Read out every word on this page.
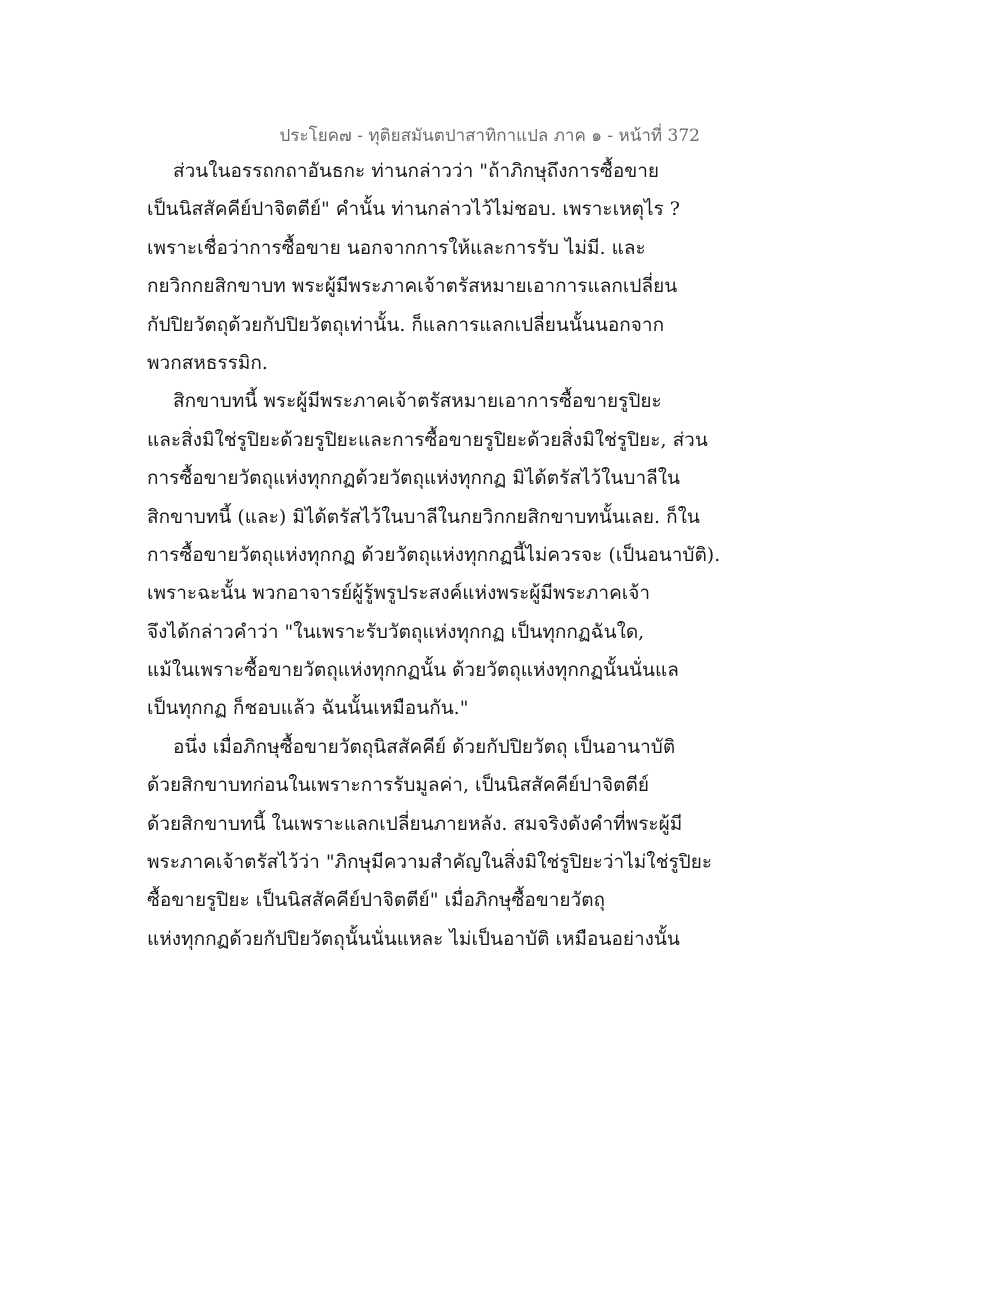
ประโยค๗ - ทุติยสมันตปาสาทิกาแปล ภาค ๑ - หน้าที่ 372
ส่วนในอรรถกถาอันธกะ ท่านกล่าวว่า "ถ้าภิกษุถึงการซื้อขาย
เป็นนิสสัคคีย์ปาจิตตีย์" คำนั้น ท่านกล่าวไว้ไม่ชอบ. เพราะเหตุไร ?
เพราะเชื่อว่าการซื้อขาย นอกจากการให้และการรับ ไม่มี. และ
กยวิกกยสิกขาบท พระผู้มีพระภาคเจ้าตรัสหมายเอาการแลกเปลี่ยน
กัปปิยวัตถุด้วยกัปปิยวัตถุเท่านั้น. ก็แลการแลกเปลี่ยนนั้นนอกจาก
พวกสหธรรมิก.
สิกขาบทนี้ พระผู้มีพระภาคเจ้าตรัสหมายเอาการซื้อขายรูปิยะ
และสิ่งมิใช่รูปิยะด้วยรูปิยะและการซื้อขายรูปิยะด้วยสิ่งมิใช่รูปิยะ, ส่วน
การซื้อขายวัตถุแห่งทุกกฏด้วยวัตถุแห่งทุกกฏ มิได้ตรัสไว้ในบาลีใน
สิกขาบทนี้ (และ) มิได้ตรัสไว้ในบาลีในกยวิกกยสิกขาบทนั้นเลย. ก็ใน
การซื้อขายวัตถุแห่งทุกกฏ ด้วยวัตถุแห่งทุกกฏนี้ไม่ควรจะ (เป็นอนาบัติ).
เพราะฉะนั้น พวกอาจารย์ผู้รู้พรูประสงค์แห่งพระผู้มีพระภาคเจ้า
จึงได้กล่าวคำว่า "ในเพราะรับวัตถุแห่งทุกกฏ เป็นทุกกฏฉันใด,
แม้ในเพราะซื้อขายวัตถุแห่งทุกกฏนั้น ด้วยวัตถุแห่งทุกกฏนั้นนั่นแล
เป็นทุกกฏ ก็ชอบแล้ว ฉันนั้นเหมือนกัน."
อนึ่ง เมื่อภิกษุซื้อขายวัตถุนิสสัคคีย์ ด้วยกัปปิยวัตถุ เป็นอานาบัติ
ด้วยสิกขาบทก่อนในเพราะการรับมูลค่า, เป็นนิสสัคคีย์ปาจิตตีย์
ด้วยสิกขาบทนี้ ในเพราะแลกเปลี่ยนภายหลัง. สมจริงดังคำที่พระผู้มี
พระภาคเจ้าตรัสไว้ว่า "ภิกษุมีความสำคัญในสิ่งมิใช่รูปิยะว่าไม่ใช่รูปิยะ
ซื้อขายรูปิยะ เป็นนิสสัคคีย์ปาจิตตีย์" เมื่อภิกษุซื้อขายวัตถุ
แห่งทุกกฏด้วยกัปปิยวัตถุนั้นนั่นแหละ ไม่เป็นอาบัติ เหมือนอย่างนั้น
